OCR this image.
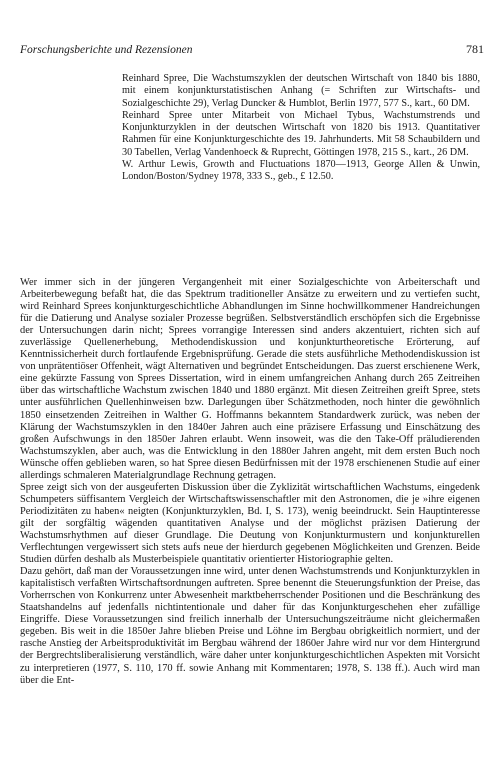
Forschungsberichte und Rezensionen	781

Reinhard Spree, Die Wachstumszyklen der deutschen Wirtschaft von 1840 bis 1880, mit einem konjunkturstatistischen Anhang (= Schriften zur Wirtschafts- und Sozialgeschichte 29), Verlag Duncker & Humblot, Berlin 1977, 577 S., kart., 60 DM.

Reinhard Spree unter Mitarbeit von Michael Tybus, Wachstumstrends und Konjunkturzyklen in der deutschen Wirtschaft von 1820 bis 1913. Quantitativer Rahmen für eine Konjunkturgeschichte des 19. Jahrhunderts. Mit 58 Schaubildern und 30 Tabellen, Verlag Vandenhoeck & Ruprecht, Göttingen 1978, 215 S., kart., 26 DM.

W. Arthur Lewis, Growth and Fluctuations 1870—1913, George Allen & Unwin, London/Boston/Sydney 1978, 333 S., geb., £ 12.50.

Wer immer sich in der jüngeren Vergangenheit mit einer Sozialgeschichte von Arbeiterschaft und Arbeiterbewegung befaßt hat, die das Spektrum traditioneller Ansätze zu erweitern und zu vertiefen sucht, wird Reinhard Sprees konjunkturgeschichtliche Abhandlungen im Sinne hochwillkommener Handreichungen für die Datierung und Analyse sozialer Prozesse begrüßen. Selbstverständlich erschöpfen sich die Ergebnisse der Untersuchungen darin nicht; Sprees vorrangige Interessen sind anders akzentuiert, richten sich auf zuverlässige Quellenerhebung, Methodendiskussion und konjunkturtheoretische Erörterung, auf Kenntnissicherheit durch fortlaufende Ergebnisprüfung. Gerade die stets ausführliche Methodendiskussion ist von unprätentiöser Offenheit, wägt Alternativen und begründet Entscheidungen. Das zuerst erschienene Werk, eine gekürzte Fassung von Sprees Dissertation, wird in einem umfangreichen Anhang durch 265 Zeitreihen über das wirtschaftliche Wachstum zwischen 1840 und 1880 ergänzt. Mit diesen Zeitreihen greift Spree, stets unter ausführlichen Quellenhinweisen bzw. Darlegungen über Schätzmethoden, noch hinter die gewöhnlich 1850 einsetzenden Zeitreihen in Walther G. Hoffmanns bekanntem Standardwerk zurück, was neben der Klärung der Wachstumszyklen in den 1840er Jahren auch eine präzisere Erfassung und Einschätzung des großen Aufschwungs in den 1850er Jahren erlaubt. Wenn insoweit, was die den Take-Off präludierenden Wachstumszyklen, aber auch, was die Entwicklung in den 1880er Jahren angeht, mit dem ersten Buch noch Wünsche offen geblieben waren, so hat Spree diesen Bedürfnissen mit der 1978 erschienenen Studie auf einer allerdings schmaleren Materialgrundlage Rechnung getragen.

Spree zeigt sich von der ausgeuferten Diskussion über die Zyklizität wirtschaftlichen Wachstums, eingedenk Schumpeters süffisantem Vergleich der Wirtschaftswissenschaftler mit den Astronomen, die je »ihre eigenen Periodizitäten zu haben« neigten (Konjunkturzyklen, Bd. I, S. 173), wenig beeindruckt. Sein Hauptinteresse gilt der sorgfältig wägenden quantitativen Analyse und der möglichst präzisen Datierung der Wachstumsrhythmen auf dieser Grundlage. Die Deutung von Konjunkturmustern und konjunkturellen Verflechtungen vergewissert sich stets aufs neue der hierdurch gegebenen Möglichkeiten und Grenzen. Beide Studien dürfen deshalb als Musterbeispiele quantitativ orientierter Historiographie gelten.

Dazu gehört, daß man der Voraussetzungen inne wird, unter denen Wachstumstrends und Konjunkturzyklen in kapitalistisch verfaßten Wirtschaftsordnungen auftreten. Spree benennt die Steuerungsfunktion der Preise, das Vorherrschen von Konkurrenz unter Abwesenheit marktbeherrschender Positionen und die Beschränkung des Staatshandelns auf jedenfalls nichtintentionale und daher für das Konjunkturgeschehen eher zufällige Eingriffe. Diese Voraussetzungen sind freilich innerhalb der Untersuchungszeiträume nicht gleichermaßen gegeben. Bis weit in die 1850er Jahre blieben Preise und Löhne im Bergbau obrigkeitlich normiert, und der rasche Anstieg der Arbeitsproduktivität im Bergbau während der 1860er Jahre wird nur vor dem Hintergrund der Bergrechtsliberalisierung verständlich, wäre daher unter konjunkturgeschichtlichen Aspekten mit Vorsicht zu interpretieren (1977, S. 110, 170 ff. sowie Anhang mit Kommentaren; 1978, S. 138 ff.). Auch wird man über die Ent-
